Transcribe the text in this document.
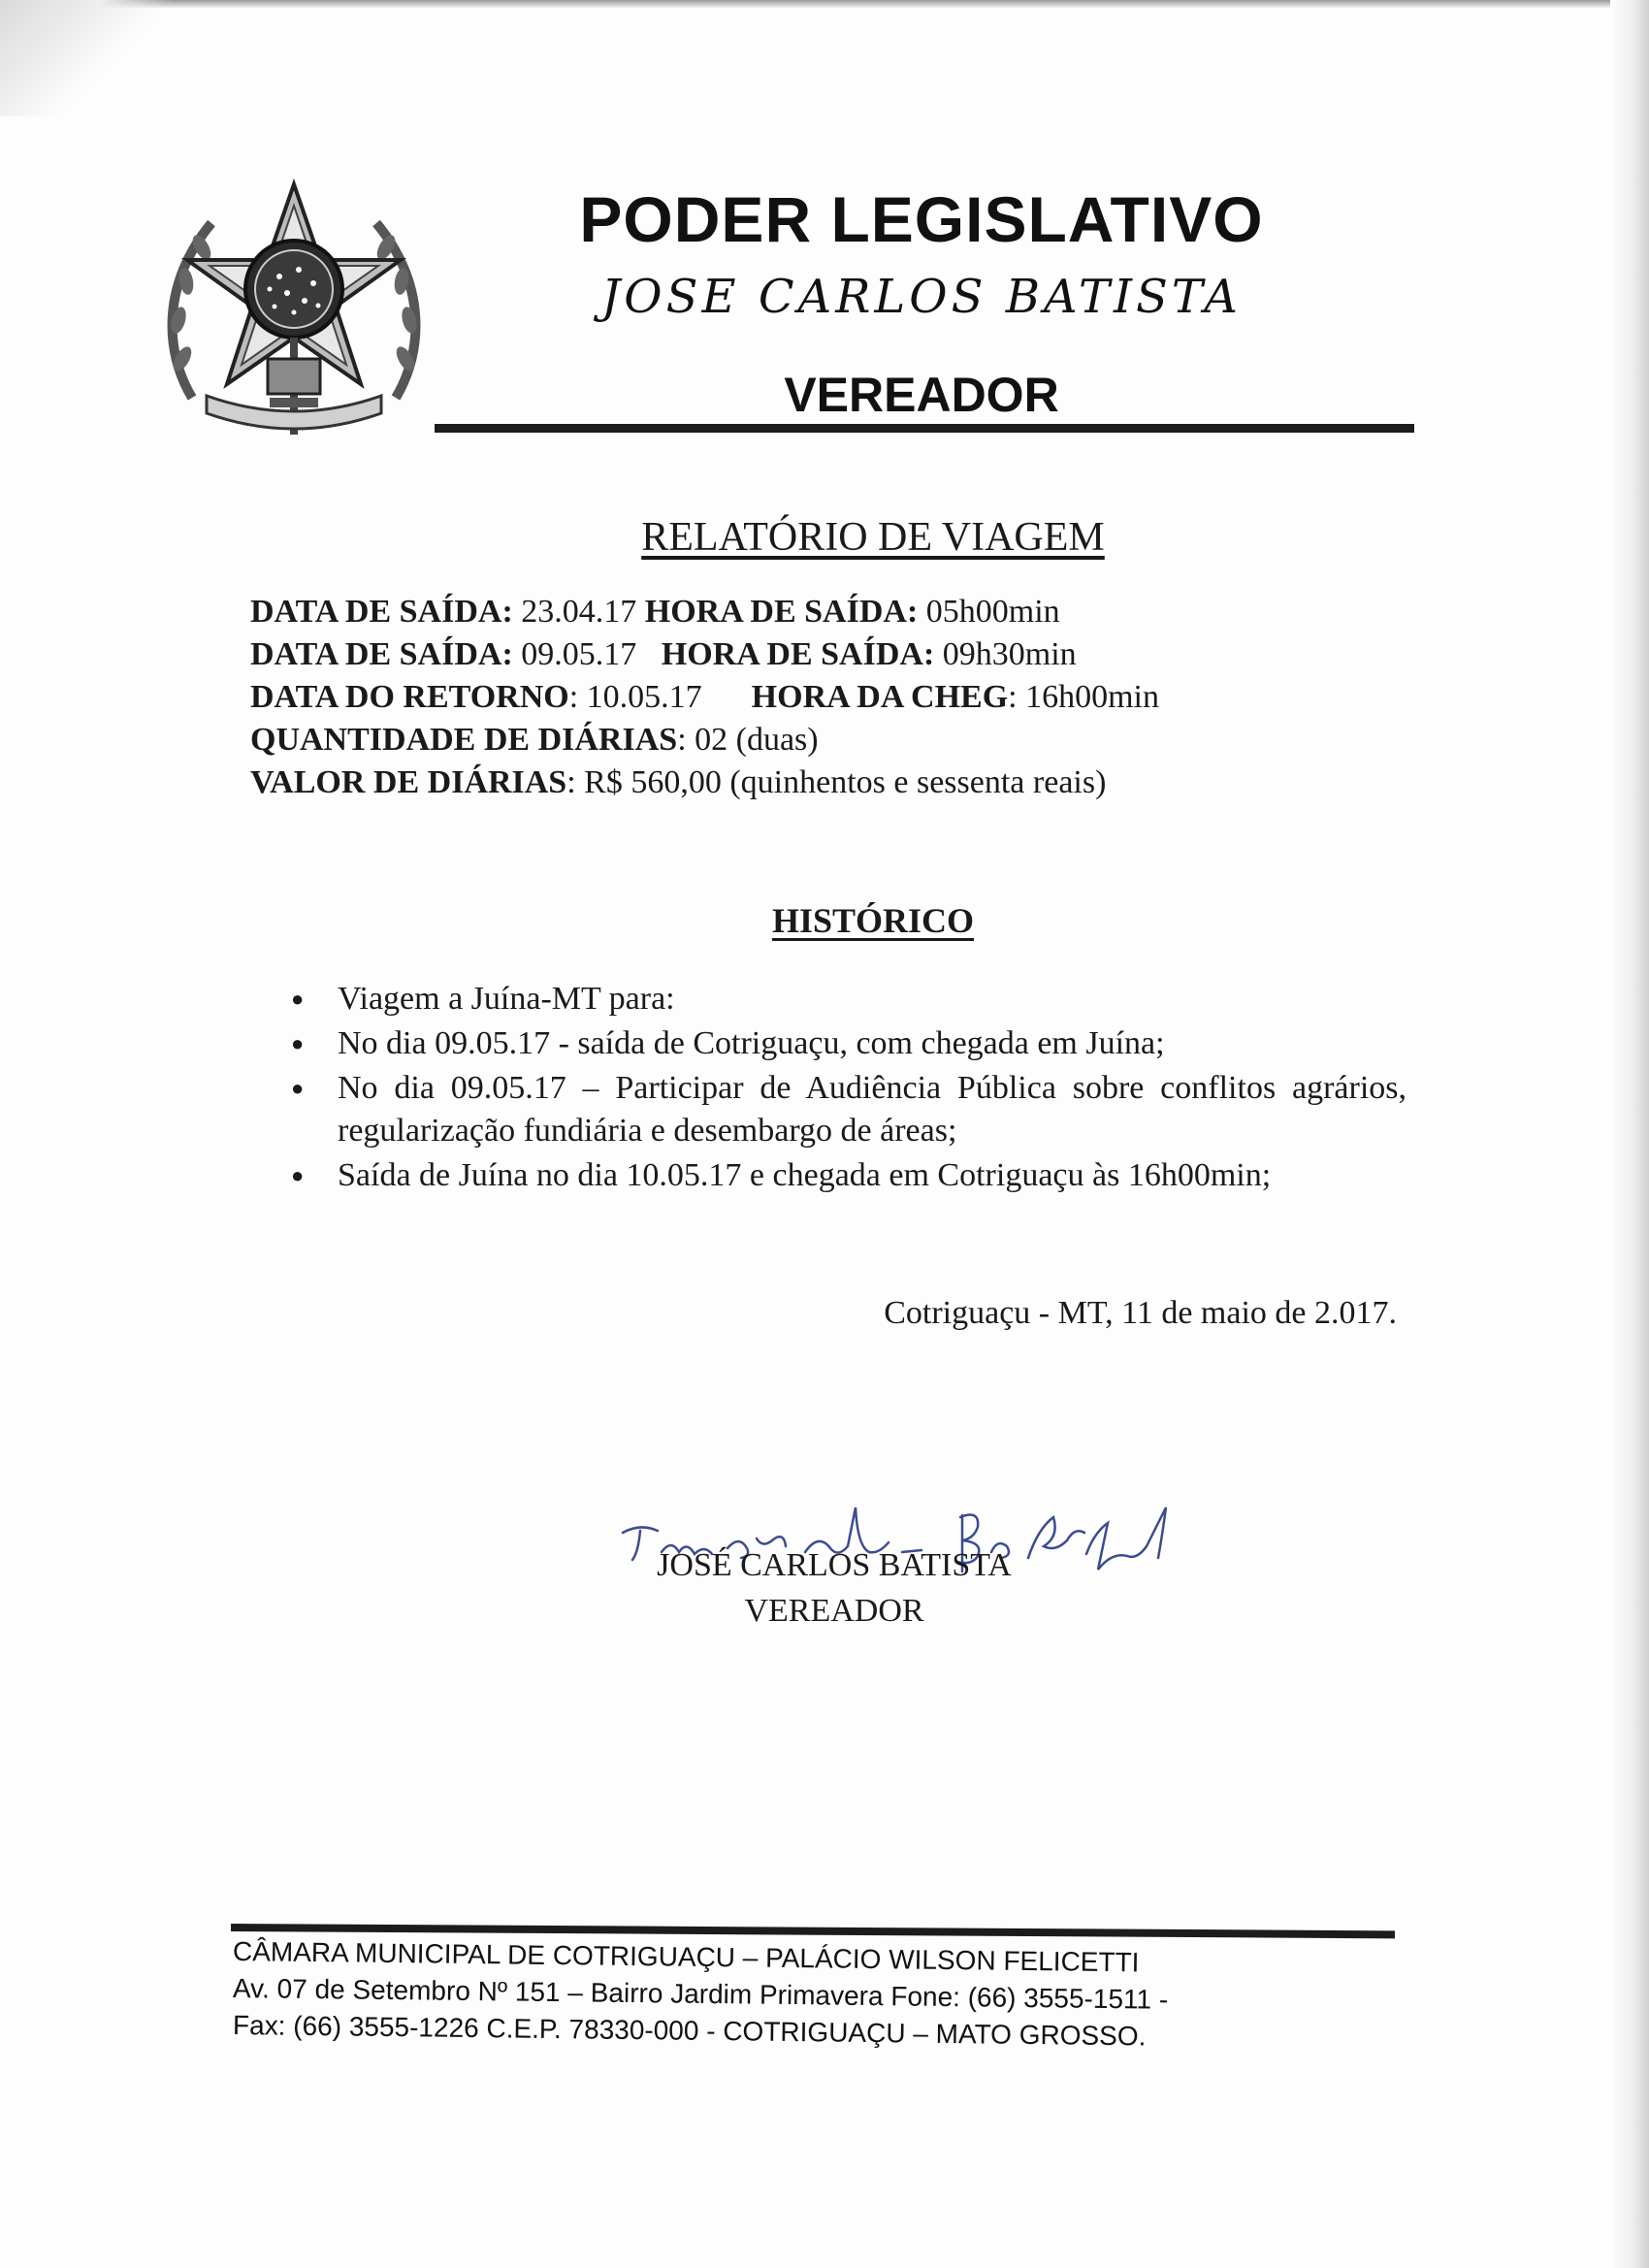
PODER LEGISLATIVO
JOSE CARLOS BATISTA
VEREADOR
RELATÓRIO DE VIAGEM
DATA DE SAÍDA: 23.04.17 HORA DE SAÍDA: 05h00min
DATA DE SAÍDA: 09.05.17   HORA DE SAÍDA: 09h30min
DATA DO RETORNO: 10.05.17      HORA DA CHEG: 16h00min
QUANTIDADE DE DIÁRIAS: 02 (duas)
VALOR DE DIÁRIAS: R$ 560,00 (quinhentos e sessenta reais)
HISTÓRICO
● Viagem a Juína-MT para:
● No dia 09.05.17 - saída de Cotriguaçu, com chegada em Juína;
● No dia 09.05.17 – Participar de Audiência Pública sobre conflitos agrários, regularização fundiária e desembargo de áreas;
● Saída de Juína no dia 10.05.17 e chegada em Cotriguaçu às 16h00min;
Cotriguaçu - MT, 11 de maio de 2.017.
JOSÉ CARLOS BATISTA
VEREADOR
CÂMARA MUNICIPAL DE COTRIGUAÇU – PALÁCIO WILSON FELICETTI
Av. 07 de Setembro Nº 151 – Bairro Jardim Primavera Fone: (66) 3555-1511 -
Fax: (66) 3555-1226 C.E.P. 78330-000 - COTRIGUAÇU – MATO GROSSO.
